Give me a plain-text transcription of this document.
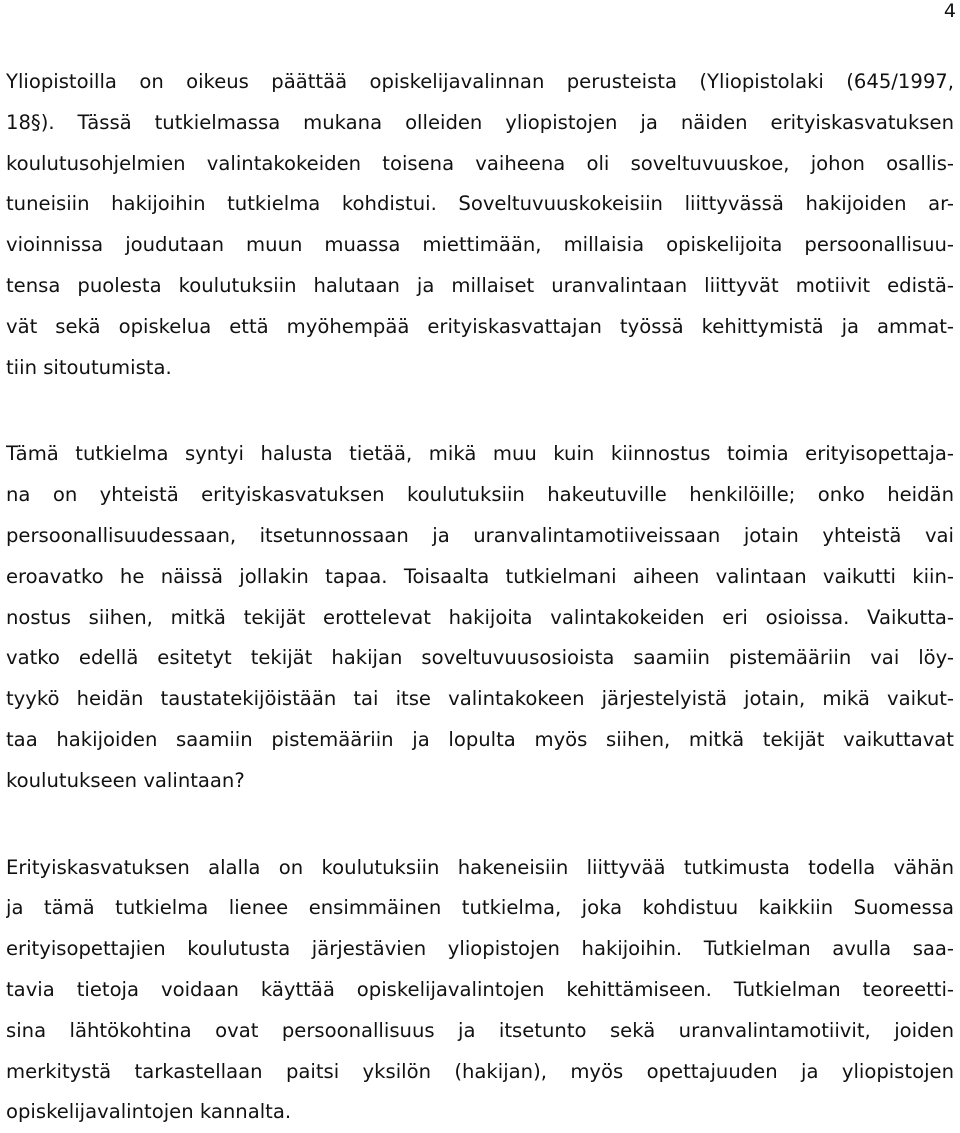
4
Yliopistoilla on oikeus päättää opiskelijavalinnan perusteista (Yliopistolaki (645/1997,
18§). Tässä tutkielmassa mukana olleiden yliopistojen ja näiden erityiskasvatuksen
koulutusohjelmien valintakokeiden toisena vaiheena oli soveltuvuuskoe, johon osallis-
tuneisiin hakijoihin tutkielma kohdistui. Soveltuvuuskokeisiin liittyvässä hakijoiden ar-
vioinnissa joudutaan muun muassa miettimään, millaisia opiskelijoita persoonallisuu-
tensa puolesta koulutuksiin halutaan ja millaiset uranvalintaan liittyvät motiivit edistä-
vät sekä opiskelua että myöhempää erityiskasvattajan työssä kehittymistä ja ammat-
tiin sitoutumista.
Tämä tutkielma syntyi halusta tietää, mikä muu kuin kiinnostus toimia erityisopettaja-
na on yhteistä erityiskasvatuksen koulutuksiin hakeutuville henkilöille; onko heidän
persoonallisuudessaan, itsetunnossaan ja uranvalintamotiiveissaan jotain yhteistä vai
eroavatko he näissä jollakin tapaa. Toisaalta tutkielmani aiheen valintaan vaikutti kiin-
nostus siihen, mitkä tekijät erottelevat hakijoita valintakokeiden eri osioissa. Vaikutta-
vatko edellä esitetyt tekijät hakijan soveltuvuusosioista saamiin pistemääriin vai löy-
tyykö heidän taustatekijöistään tai itse valintakokeen järjestelyistä jotain, mikä vaikut-
taa hakijoiden saamiin pistemääriin ja lopulta myös siihen, mitkä tekijät vaikuttavat
koulutukseen valintaan?
Erityiskasvatuksen alalla on koulutuksiin hakeneisiin liittyvää tutkimusta todella vähän
ja tämä tutkielma lienee ensimmäinen tutkielma, joka kohdistuu kaikkiin Suomessa
erityisopettajien koulutusta järjestävien yliopistojen hakijoihin. Tutkielman avulla saa-
tavia tietoja voidaan käyttää opiskelijavalintojen kehittämiseen. Tutkielman teoreetti-
sina lähtökohtina ovat persoonallisuus ja itsetunto sekä uranvalintamotiivit, joiden
merkitystä tarkastellaan paitsi yksilön (hakijan), myös opettajuuden ja yliopistojen
opiskelijavalintojen kannalta.
